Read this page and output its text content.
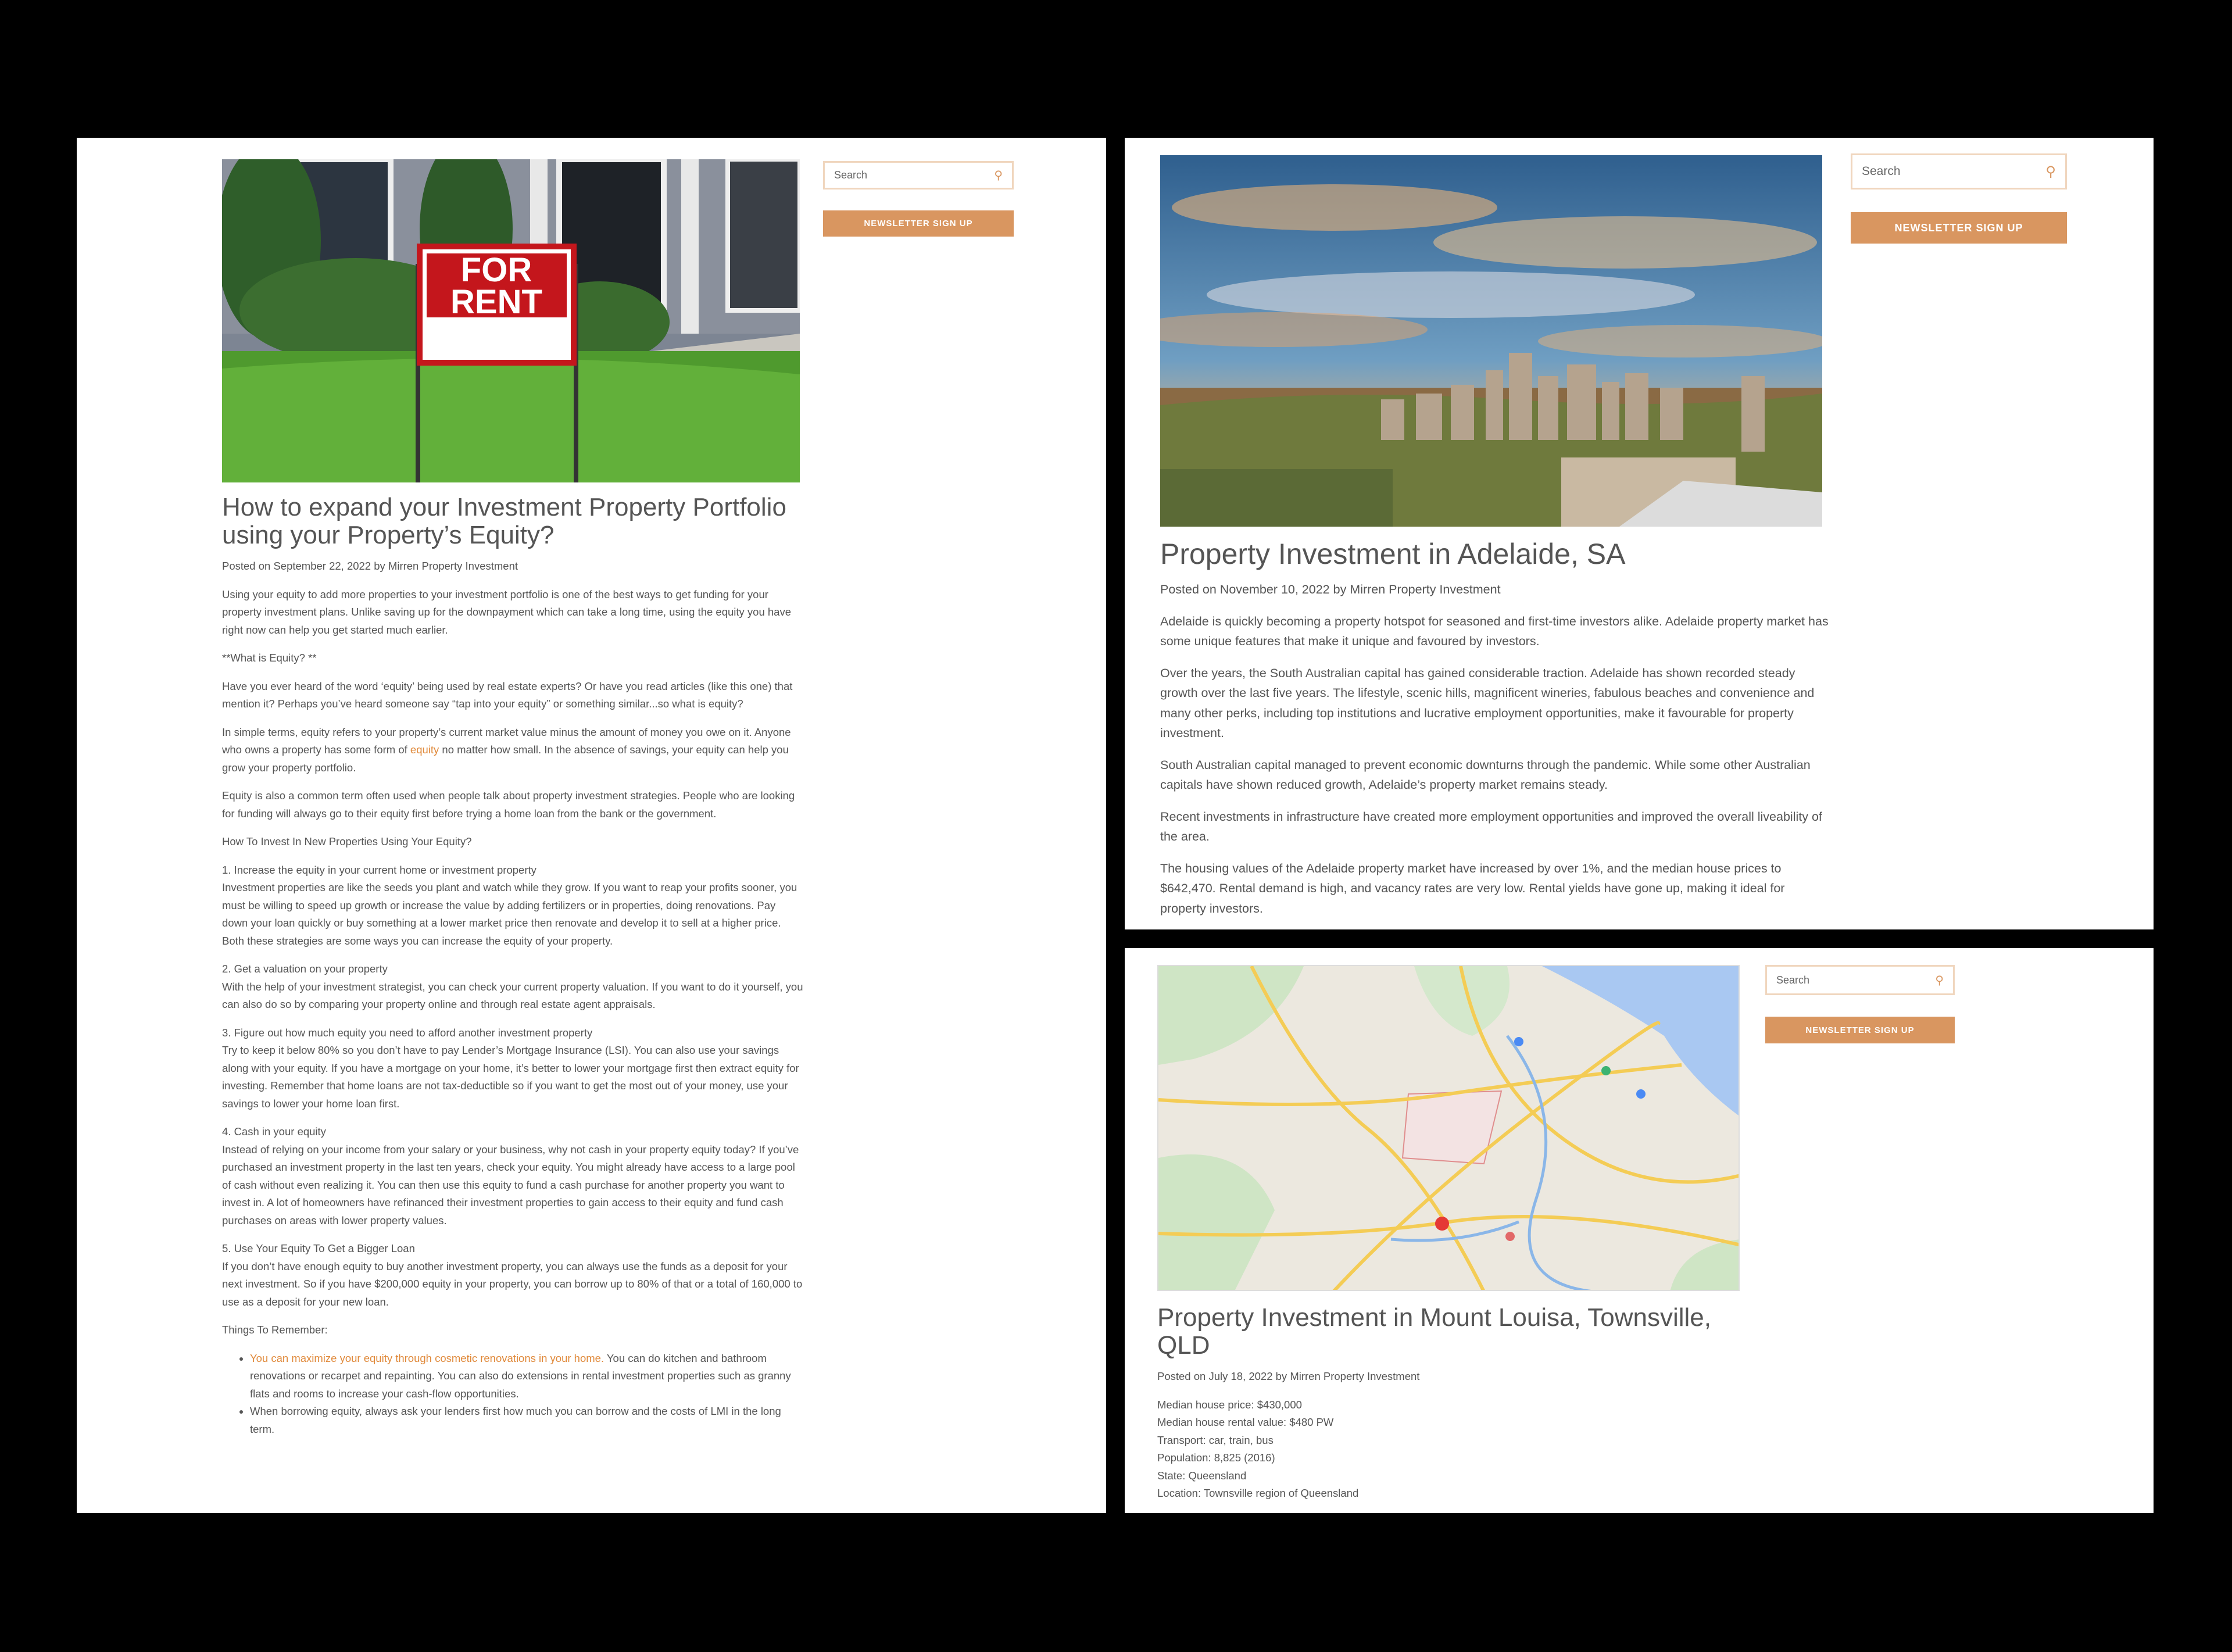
FOR
RENT
Search	⚲
NEWSLETTER SIGN UP
How to expand your Investment Property Portfolio using your Property’s Equity?
Posted on September 22, 2022 by Mirren Property Investment

Using your equity to add more properties to your investment portfolio is one of the best ways to get funding for your property investment plans. Unlike saving up for the downpayment which can take a long time, using the equity you have right now can help you get started much earlier.

**What is Equity? **

Have you ever heard of the word ‘equity’ being used by real estate experts? Or have you read articles (like this one) that mention it? Perhaps you’ve heard someone say “tap into your equity” or something similar...so what is equity?

In simple terms, equity refers to your property’s current market value minus the amount of money you owe on it. Anyone who owns a property has some form of equity no matter how small. In the absence of savings, your equity can help you grow your property portfolio.

Equity is also a common term often used when people talk about property investment strategies. People who are looking for funding will always go to their equity first before trying a home loan from the bank or the government.

How To Invest In New Properties Using Your Equity?

1. Increase the equity in your current home or investment property

Investment properties are like the seeds you plant and watch while they grow. If you want to reap your profits sooner, you must be willing to speed up growth or increase the value by adding fertilizers or in properties, doing renovations. Pay down your loan quickly or buy something at a lower market price then renovate and develop it to sell at a higher price. Both these strategies are some ways you can increase the equity of your property.

2. Get a valuation on your property

With the help of your investment strategist, you can check your current property valuation. If you want to do it yourself, you can also do so by comparing your property online and through real estate agent appraisals.

3. Figure out how much equity you need to afford another investment property

Try to keep it below 80% so you don’t have to pay Lender’s Mortgage Insurance (LSI). You can also use your savings along with your equity. If you have a mortgage on your home, it’s better to lower your mortgage first then extract equity for investing. Remember that home loans are not tax-deductible so if you want to get the most out of your money, use your savings to lower your home loan first.

4. Cash in your equity

Instead of relying on your income from your salary or your business, why not cash in your property equity today? If you’ve purchased an investment property in the last ten years, check your equity. You might already have access to a large pool of cash without even realizing it. You can then use this equity to fund a cash purchase for another property you want to invest in. A lot of homeowners have refinanced their investment properties to gain access to their equity and fund cash purchases on areas with lower property values.

5. Use Your Equity To Get a Bigger Loan

If you don’t have enough equity to buy another investment property, you can always use the funds as a deposit for your next investment. So if you have $200,000 equity in your property, you can borrow up to 80% of that or a total of 160,000 to use as a deposit for your new loan.

Things To Remember:

• You can maximize your equity through cosmetic renovations in your home. You can do kitchen and bathroom renovations or recarpet and repainting. You can also do extensions in rental investment properties such as granny flats and rooms to increase your cash-flow opportunities.
• When borrowing equity, always ask your lenders first how much you can borrow and the costs of LMI in the long term.
Search	⚲
NEWSLETTER SIGN UP
Property Investment in Adelaide, SA
Posted on November 10, 2022 by Mirren Property Investment

Adelaide is quickly becoming a property hotspot for seasoned and first-time investors alike. Adelaide property market has some unique features that make it unique and favoured by investors.

Over the years, the South Australian capital has gained considerable traction. Adelaide has shown recorded steady growth over the last five years. The lifestyle, scenic hills, magnificent wineries, fabulous beaches and convenience and many other perks, including top institutions and lucrative employment opportunities, make it favourable for property investment.

South Australian capital managed to prevent economic downturns through the pandemic. While some other Australian capitals have shown reduced growth, Adelaide’s property market remains steady.

Recent investments in infrastructure have created more employment opportunities and improved the overall liveability of the area.

The housing values of the Adelaide property market have increased by over 1%, and the median house prices to $642,470. Rental demand is high, and vacancy rates are very low. Rental yields have gone up, making it ideal for property investors.

Search	⚲
NEWSLETTER SIGN UP
Property Investment in Mount Louisa, Townsville, QLD
Posted on July 18, 2022 by Mirren Property Investment
Median house price: $430,000
Median house rental value: $480 PW
Transport: car, train, bus
Population: 8,825 (2016)
State: Queensland
Location: Townsville region of Queensland
